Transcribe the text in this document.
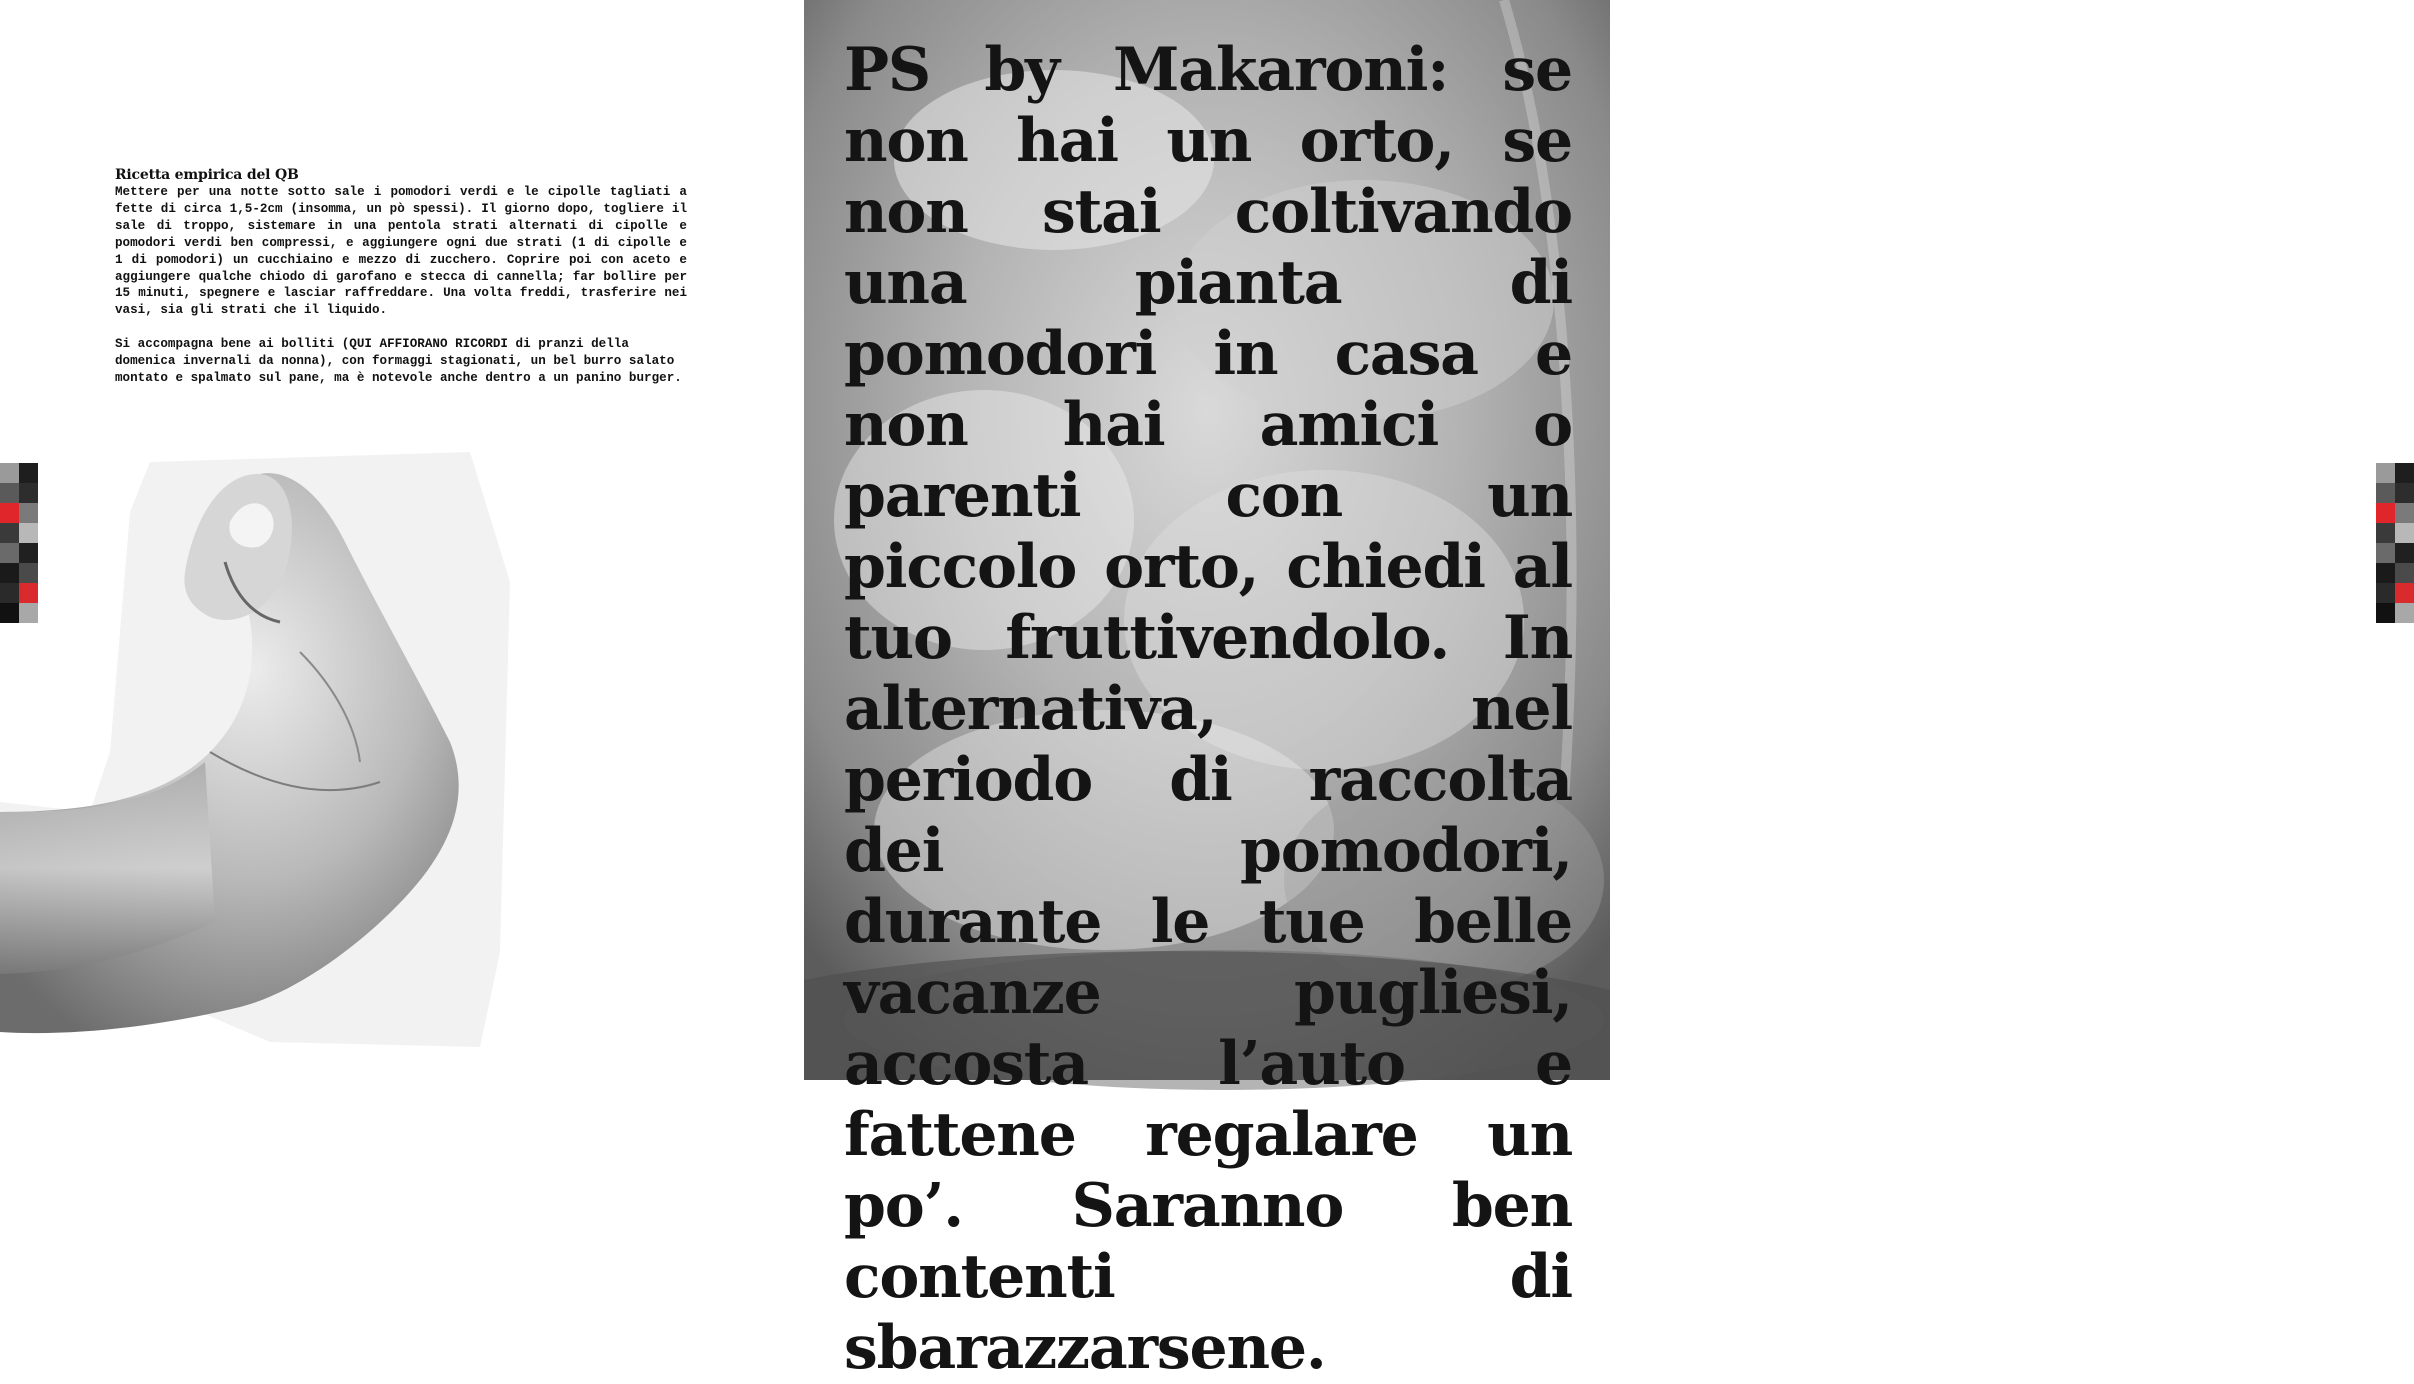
Ricetta empirica del QB

Mettere per una notte sotto sale i pomodori verdi e le cipolle tagliati a fette di circa 1,5-2cm (insomma, un pò spessi). Il giorno dopo, togliere il sale di troppo, sistemare in una pentola strati alternati di cipolle e pomodori verdi ben compressi, e aggiungere ogni due strati (1 di cipolle e 1 di pomodori) un cucchiaino e mezzo di zucchero. Coprire poi con aceto e aggiungere qualche chiodo di garofano e stecca di cannella; far bollire per 15 minuti, spegnere e lasciar raffreddare. Una volta freddi, trasferire nei vasi, sia gli strati che il liquido.

Si accompagna bene ai bolliti (QUI AFFIORANO RICORDI di pranzi della domenica invernali da nonna), con formaggi stagionati, un bel burro salato montato e spalmato sul pane, ma è notevole anche dentro a un panino burger.

PS by Makaroni: se non hai un orto, se non stai coltivando una pianta di pomodori in casa e non hai amici o parenti con un piccolo orto, chiedi al tuo fruttivendolo. In alternativa, nel periodo di raccolta dei pomodori, durante le tue belle vacanze pugliesi, accosta l’auto e fattene regalare un po’. Saranno ben contenti di sbarazzarsene.
